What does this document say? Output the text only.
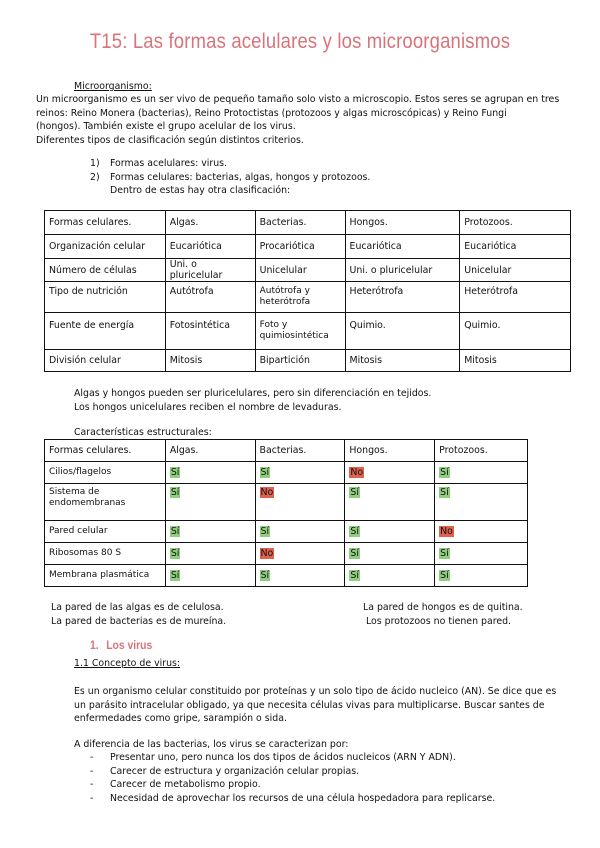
T15: Las formas acelulares y los microorganismos
Microorganismo:
Un microorganismo es un ser vivo de pequeño tamaño solo visto a microscopio. Estos seres se agrupan en tres
reinos: Reino Monera (bacterias), Reino Protoctistas (protozoos y algas microscópicas) y Reino Fungi
(hongos). También existe el grupo acelular de los virus.
Diferentes tipos de clasificación según distintos criterios.
1) Formas acelulares: virus.
2) Formas celulares: bacterias, algas, hongos y protozoos.
Dentro de estas hay otra clasificación:
Formas celulares.	Algas.	Bacterias.	Hongos.	Protozoos.
Organización celular	Eucariótica	Procariótica	Eucariótica	Eucariótica
Número de células	Uni. o pluricelular	Unicelular	Uni. o pluricelular	Unicelular
Tipo de nutrición	Autótrofa	Autótrofa y heterótrofa	Heterótrofa	Heterótrofa
Fuente de energía	Fotosintética	Foto y quimiosintética	Quimio.	Quimio.
División celular	Mitosis	Bipartición	Mitosis	Mitosis
Algas y hongos pueden ser pluricelulares, pero sin diferenciación en tejidos.
Los hongos unicelulares reciben el nombre de levaduras.
Características estructurales:
Formas celulares.	Algas.	Bacterias.	Hongos.	Protozoos.
Cilios/flagelos	Sí	Sí	No	Sí
Sistema de endomembranas	Sí	No	Sí	Sí
Pared celular	Sí	Sí	Sí	No
Ribosomas 80 S	Sí	No	Sí	Sí
Membrana plasmática	Sí	Sí	Sí	Sí
La pared de las algas es de celulosa.
La pared de bacterias es de mureína.
La pared de hongos es de quitina.
Los protozoos no tienen pared.
1. Los virus
1.1 Concepto de virus:
Es un organismo celular constituido por proteínas y un solo tipo de ácido nucleico (AN). Se dice que es
un parásito intracelular obligado, ya que necesita células vivas para multiplicarse. Buscar santes de
enfermedades como gripe, sarampión o sida.
A diferencia de las bacterias, los virus se caracterizan por:
- Presentar uno, pero nunca los dos tipos de ácidos nucleicos (ARN Y ADN).
- Carecer de estructura y organización celular propias.
- Carecer de metabolismo propio.
- Necesidad de aprovechar los recursos de una célula hospedadora para replicarse.
